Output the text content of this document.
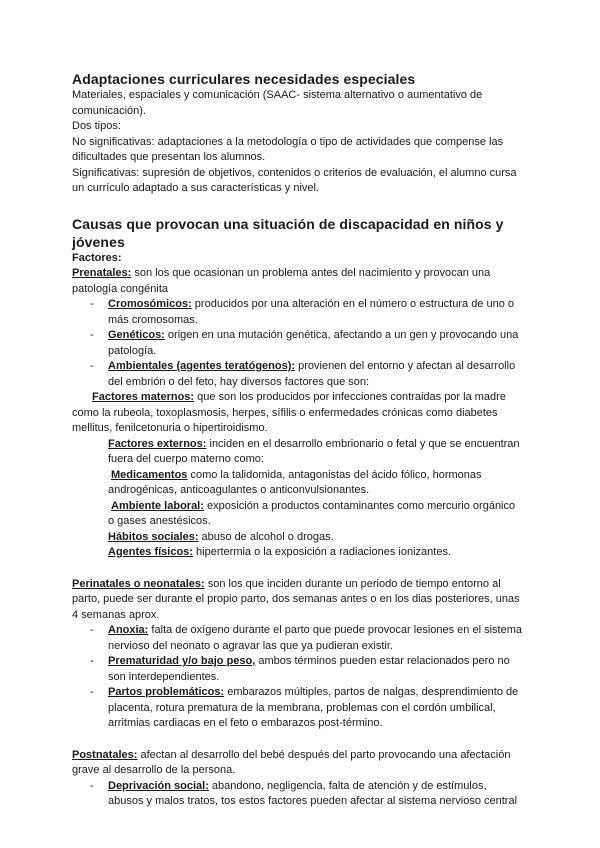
Adaptaciones curriculares necesidades especiales

Materiales, espaciales y comunicación (SAAC- sistema alternativo o aumentativo de

comunicación).

Dos tipos:

No significativas: adaptaciones a la metodología o tipo de actividades que compense las

dificultades que presentan los alumnos.

Significativas: supresión de objetivos, contenidos o criterios de evaluación, el alumno cursa

un currículo adaptado a sus características y nivel.

Causas que provocan una situación de discapacidad en niños y jóvenes

Factores:

Prenatales: son los que ocasionan un problema antes del nacimiento y provocan una

patología congénita

- Cromosómicos: producidos por una alteración en el número o estructura de uno o

más cromosomas.

- Genéticos: origen en una mutación genética, afectando a un gen y provocando una

patología.

- Ambientales (agentes teratógenos): provienen del entorno y afectan al desarrollo

del embrión o del feto, hay diversos factores que son:

Factores maternos: que son los producidos por infecciones contraidas por la madre

como la rubeola, toxoplasmosis, herpes, sífilis o enfermedades crónicas como diabetes

mellitus, fenilcetonuria o hipertiroidismo.

Factores externos: inciden en el desarrollo embrionario o fetal y que se encuentran

fuera del cuerpo materno como:

Medicamentos como la talidomida, antagonistas del ácido fólico, hormonas

androgénicas, anticoagulantes o anticonvulsionantes.

Ambiente laboral: exposición a productos contaminantes como mercurio orgánico

o gases anestésicos.

Hábitos sociales: abuso de alcohol o drogas.

Agentes físicos: hipertermia o la exposición a radiaciones ionizantes.

Perinatales o neonatales: son los que inciden durante un periodo de tiempo entorno al

parto, puede ser durante el propio parto, dos semanas antes o en los dias posteriores, unas

4 semanas aprox.

- Anoxia: falta de oxígeno durante el parto que puede provocar lesiones en el sistema

nervioso del neonato o agravar las que ya pudieran existir.

- Prematuridad y/o bajo peso, ambos términos pueden estar relacionados pero no

son interdependientes.

- Partos problemáticos: embarazos múltiples, partos de nalgas, desprendimiento de

placenta, rotura prematura de la membrana, problemas con el cordón umbilical,

arritmias cardiacas en el feto o embarazos post-término.

Postnatales: afectan al desarrollo del bebé después del parto provocando una afectación

grave al desarrollo de la persona.

- Deprivación social: abandono, negligencia, falta de atención y de estímulos,

abusos y malos tratos, tos estos factores pueden afectar al sistema nervioso central
